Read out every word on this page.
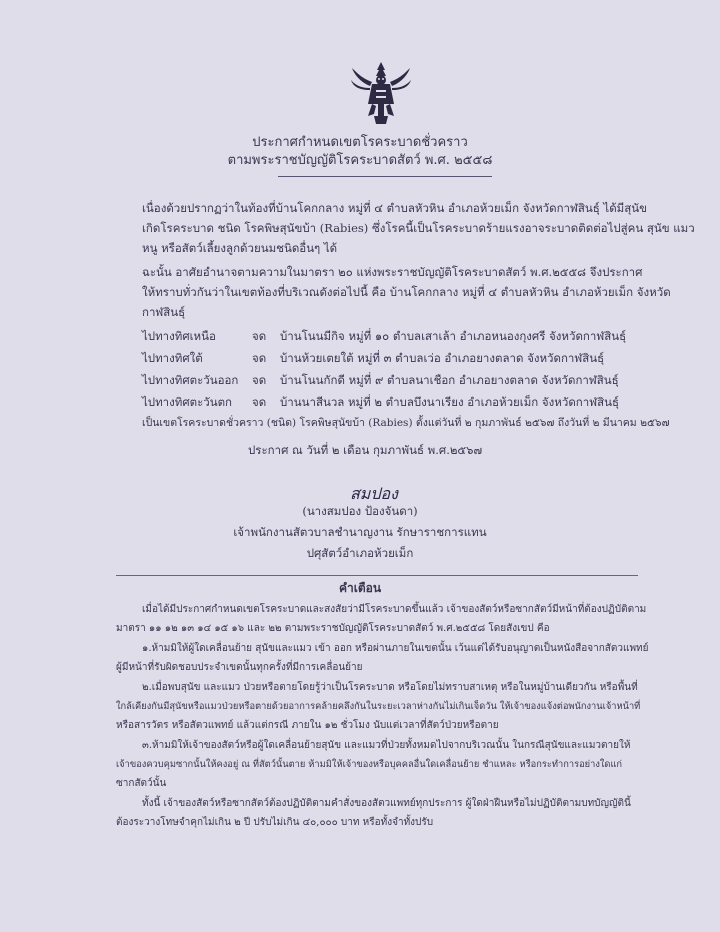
ประกาศกำหนดเขตโรคระบาดชั่วคราว
ตามพระราชบัญญัติโรคระบาดสัตว์ พ.ศ. ๒๕๕๘
เนื่องด้วยปรากฏว่าในท้องที่บ้านโคกกลาง หมู่ที่ ๔ ตำบลหัวหิน อำเภอห้วยเม็ก จังหวัดกาฬสินธุ์ ได้มีสุนัข
เกิดโรคระบาด ชนิด โรคพิษสุนัขบ้า (Rabies) ซึ่งโรคนี้เป็นโรคระบาดร้ายแรงอาจระบาดติดต่อไปสู่คน สุนัข แมว
หนู หรือสัตว์เลี้ยงลูกด้วยนมชนิดอื่นๆ ได้
ฉะนั้น อาศัยอำนาจตามความในมาตรา ๒๐ แห่งพระราชบัญญัติโรคระบาดสัตว์ พ.ศ.๒๕๕๘ จึงประกาศ
ให้ทราบทั่วกันว่าในเขตท้องที่บริเวณดังต่อไปนี้ คือ บ้านโคกกลาง หมู่ที่ ๔ ตำบลหัวหิน อำเภอห้วยเม็ก จังหวัด
กาฬสินธุ์
ไปทางทิศเหนือ	จด บ้านโนนมีกิจ หมู่ที่ ๑๐ ตำบลเสาเล้า อำเภอหนองกุงศรี จังหวัดกาฬสินธุ์
ไปทางทิศใต้	จด บ้านห้วยเตยใต้ หมู่ที่ ๓ ตำบลเว่อ อำเภอยางตลาด จังหวัดกาฬสินธุ์
ไปทางทิศตะวันออก จด บ้านโนนกักดี หมู่ที่ ๙ ตำบลนาเชือก อำเภอยางตลาด จังหวัดกาฬสินธุ์
ไปทางทิศตะวันตก จด บ้านนาสีนวล หมู่ที่ ๒ ตำบลบึงนาเรียง อำเภอห้วยเม็ก จังหวัดกาฬสินธุ์
เป็นเขตโรคระบาดชั่วคราว (ชนิด) โรคพิษสุนัขบ้า (Rabies) ตั้งแต่วันที่ ๒ กุมภาพันธ์ ๒๕๖๗ ถึงวันที่ ๒ มีนาคม ๒๕๖๗
ประกาศ ณ วันที่ ๒ เดือน กุมภาพันธ์ พ.ศ.๒๕๖๗
สมปอง
(นางสมปอง ป้องจันดา)
เจ้าพนักงานสัตวบาลชำนาญงาน รักษาราชการแทน
ปศุสัตว์อำเภอห้วยเม็ก
คำเตือน
เมื่อได้มีประกาศกำหนดเขตโรคระบาดและสงสัยว่ามีโรคระบาดขึ้นแล้ว เจ้าของสัตว์หรือซากสัตว์มีหน้าที่ต้องปฏิบัติตาม
มาตรา ๑๑ ๑๒ ๑๓ ๑๔ ๑๕ ๑๖ และ ๒๒ ตามพระราชบัญญัติโรคระบาดสัตว์ พ.ศ.๒๕๕๘ โดยสังเขป คือ
๑.ห้ามมิให้ผู้ใดเคลื่อนย้าย สุนัขและแมว เข้า ออก หรือผ่านภายในเขตนั้น เว้นแต่ได้รับอนุญาตเป็นหนังสือจากสัตวแพทย์
ผู้มีหน้าที่รับผิดชอบประจำเขตนั้นทุกครั้งที่มีการเคลื่อนย้าย
๒.เมื่อพบสุนัข และแมว ป่วยหรือตายโดยรู้ว่าเป็นโรคระบาด หรือโดยไม่ทราบสาเหตุ หรือในหมู่บ้านเดียวกัน หรือพื้นที่
ใกล้เคียงกันมีสุนัขหรือแมวป่วยหรือตายด้วยอาการคล้ายคลึงกันในระยะเวลาห่างกันไม่เกินเจ็ดวัน ให้เจ้าของแจ้งต่อพนักงานเจ้าหน้าที่
หรือสารวัตร หรือสัตวแพทย์ แล้วแต่กรณี ภายใน ๑๒ ชั่วโมง นับแต่เวลาที่สัตว์ป่วยหรือตาย
๓.ห้ามมิให้เจ้าของสัตว์หรือผู้ใดเคลื่อนย้ายสุนัข และแมวที่ป่วยทั้งหมดไปจากบริเวณนั้น ในกรณีสุนัขและแมวตายให้
เจ้าของควบคุมซากนั้นให้คงอยู่ ณ ที่สัตว์นั้นตาย ห้ามมิให้เจ้าของหรือบุคคลอื่นใดเคลื่อนย้าย ชำแหละ หรือกระทำการอย่างใดแก่
ซากสัตว์นั้น
ทั้งนี้ เจ้าของสัตว์หรือซากสัตว์ต้องปฏิบัติตามคำสั่งของสัตวแพทย์ทุกประการ ผู้ใดฝ่าฝืนหรือไม่ปฏิบัติตามบทบัญญัตินี้
ต้องระวางโทษจำคุกไม่เกิน ๒ ปี ปรับไม่เกิน ๔๐,๐๐๐ บาท หรือทั้งจำทั้งปรับ
